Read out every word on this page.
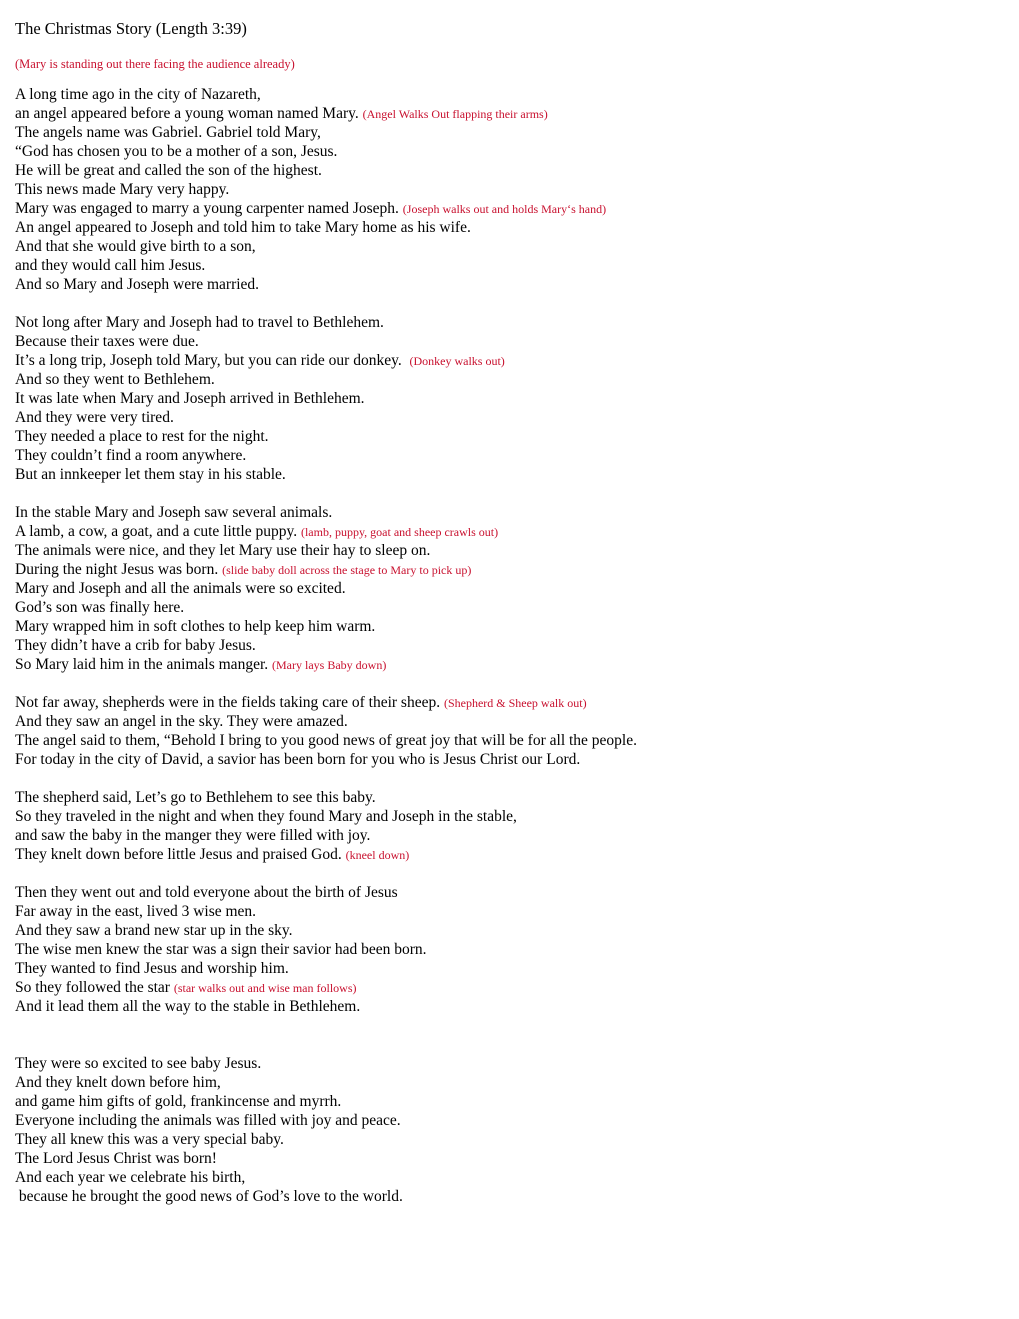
The Christmas Story (Length 3:39)
(Mary is standing out there facing the audience already)
A long time ago in the city of Nazareth,
an angel appeared before a young woman named Mary. (Angel Walks Out flapping their arms)
The angels name was Gabriel. Gabriel told Mary,
“God has chosen you to be a mother of a son, Jesus.
He will be great and called the son of the highest.
This news made Mary very happy.
Mary was engaged to marry a young carpenter named Joseph. (Joseph walks out and holds Mary‘s hand)
An angel appeared to Joseph and told him to take Mary home as his wife.
And that she would give birth to a son,
and they would call him Jesus.
And so Mary and Joseph were married.
Not long after Mary and Joseph had to travel to Bethlehem.
Because their taxes were due.
It’s a long trip, Joseph told Mary, but you can ride our donkey.  (Donkey walks out)
And so they went to Bethlehem.
It was late when Mary and Joseph arrived in Bethlehem.
And they were very tired.
They needed a place to rest for the night.
They couldn’t find a room anywhere.
But an innkeeper let them stay in his stable.
In the stable Mary and Joseph saw several animals.
A lamb, a cow, a goat, and a cute little puppy. (lamb, puppy, goat and sheep crawls out)
The animals were nice, and they let Mary use their hay to sleep on.
During the night Jesus was born. (slide baby doll across the stage to Mary to pick up)
Mary and Joseph and all the animals were so excited.
God’s son was finally here.
Mary wrapped him in soft clothes to help keep him warm.
They didn’t have a crib for baby Jesus.
So Mary laid him in the animals manger. (Mary lays Baby down)
Not far away, shepherds were in the fields taking care of their sheep. (Shepherd & Sheep walk out)
And they saw an angel in the sky. They were amazed.
The angel said to them, “Behold I bring to you good news of great joy that will be for all the people.
For today in the city of David, a savior has been born for you who is Jesus Christ our Lord.
The shepherd said, Let’s go to Bethlehem to see this baby.
So they traveled in the night and when they found Mary and Joseph in the stable,
and saw the baby in the manger they were filled with joy.
They knelt down before little Jesus and praised God. (kneel down)
Then they went out and told everyone about the birth of Jesus
Far away in the east, lived 3 wise men.
And they saw a brand new star up in the sky.
The wise men knew the star was a sign their savior had been born.
They wanted to find Jesus and worship him.
So they followed the star (star walks out and wise man follows)
And it lead them all the way to the stable in Bethlehem.
They were so excited to see baby Jesus.
And they knelt down before him,
and game him gifts of gold, frankincense and myrrh.
Everyone including the animals was filled with joy and peace.
They all knew this was a very special baby.
The Lord Jesus Christ was born!
And each year we celebrate his birth,
because he brought the good news of God’s love to the world.
